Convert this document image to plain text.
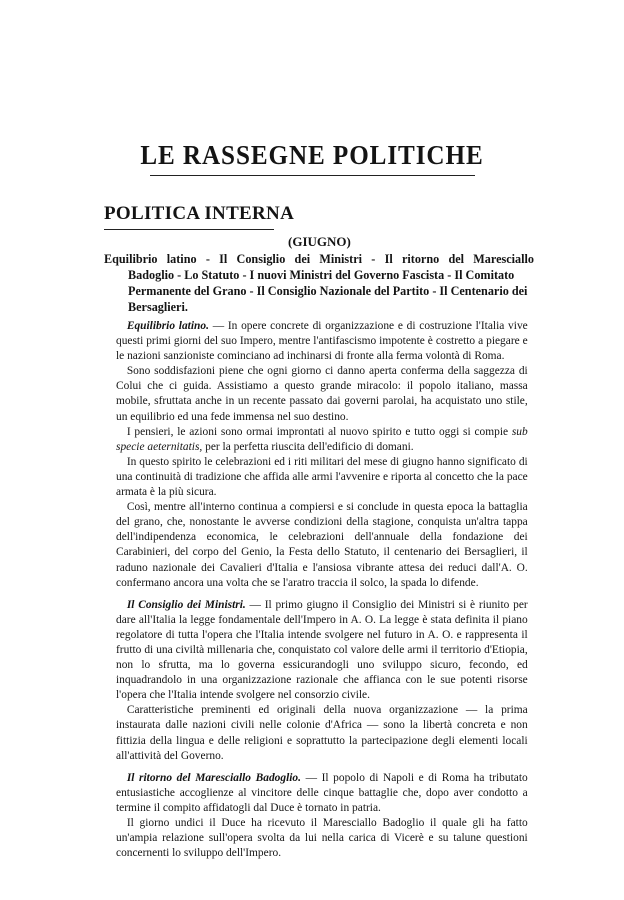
LE RASSEGNE POLITICHE
POLITICA INTERNA
(GIUGNO)
Equilibrio latino - Il Consiglio dei Ministri - Il ritorno del Maresciallo
Badoglio - Lo Statuto - I nuovi Ministri del Governo Fascista - Il Comitato Permanente del Grano - Il Consiglio Nazionale del Partito - Il Centenario dei Bersaglieri.

Equilibrio latino. — In opere concrete di organizzazione e di costruzione l'Italia vive questi primi giorni del suo Impero, mentre l'antifascismo impotente è costretto a piegare e le nazioni sanzioniste cominciano ad inchinarsi di fronte alla ferma volontà di Roma.

Sono soddisfazioni piene che ogni giorno ci danno aperta conferma della saggezza di Colui che ci guida. Assistiamo a questo grande miracolo: il popolo italiano, massa mobile, sfruttata anche in un recente passato dai governi parolai, ha acquistato uno stile, un equilibrio ed una fede immensa nel suo destino.

I pensieri, le azioni sono ormai improntati al nuovo spirito e tutto oggi si compie sub specie aeternitatis, per la perfetta riuscita dell'edificio di domani.

In questo spirito le celebrazioni ed i riti militari del mese di giugno hanno significato di una continuità di tradizione che affida alle armi l'avvenire e riporta al concetto che la pace armata è la più sicura.

Così, mentre all'interno continua a compiersi e si conclude in questa epoca la battaglia del grano, che, nonostante le avverse condizioni della stagione, conquista un'altra tappa dell'indipendenza economica, le celebrazioni dell'annuale della fondazione dei Carabinieri, del corpo del Genio, la Festa dello Statuto, il centenario dei Bersaglieri, il raduno nazionale dei Cavalieri d'Italia e l'ansiosa vibrante attesa dei reduci dall'A. O. confermano ancora una volta che se l'aratro traccia il solco, la spada lo difende.

Il Consiglio dei Ministri. — Il primo giugno il Consiglio dei Ministri si è riunito per dare all'Italia la legge fondamentale dell'Impero in A. O. La legge è stata definita il piano regolatore di tutta l'opera che l'Italia intende svolgere nel futuro in A. O. e rappresenta il frutto di una civiltà millenaria che, conquistato col valore delle armi il territorio d'Etiopia, non lo sfrutta, ma lo governa essicurandogli uno sviluppo sicuro, fecondo, ed inquadrandolo in una organizzazione razionale che affianca con le sue potenti risorse l'opera che l'Italia intende svolgere nel consorzio civile.

Caratteristiche preminenti ed originali della nuova organizzazione — la prima instaurata dalle nazioni civili nelle colonie d'Africa — sono la libertà concreta e non fittizia della lingua e delle religioni e soprattutto la partecipazione degli elementi locali all'attività del Governo.

Il ritorno del Maresciallo Badoglio. — Il popolo di Napoli e di Roma ha tributato entusiastiche accoglienze al vincitore delle cinque battaglie che, dopo aver condotto a termine il compito affidatogli dal Duce è tornato in patria.

Il giorno undici il Duce ha ricevuto il Maresciallo Badoglio il quale gli ha fatto un'ampia relazione sull'opera svolta da lui nella carica di Vicerè e su talune questioni concernenti lo sviluppo dell'Impero.
